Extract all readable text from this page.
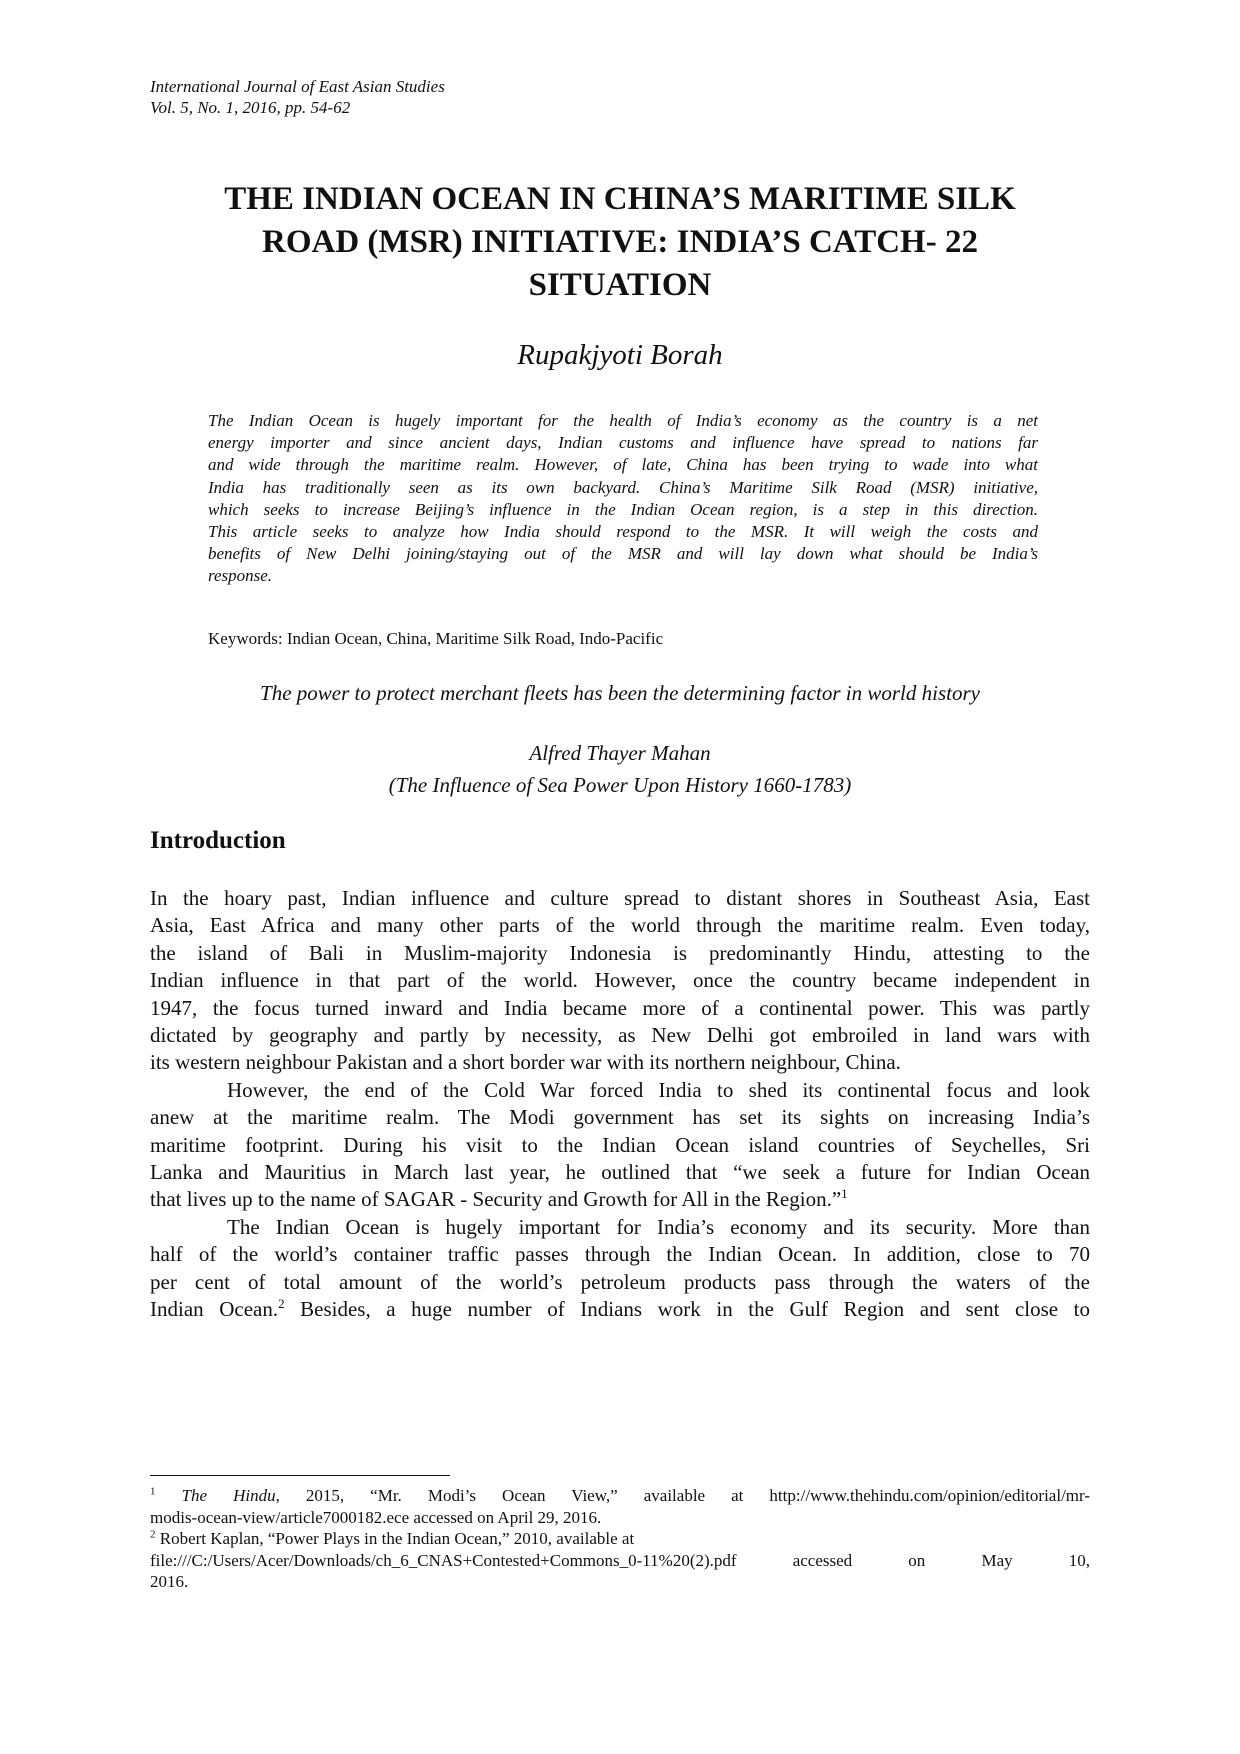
International Journal of East Asian Studies
Vol. 5, No. 1, 2016, pp. 54-62
THE INDIAN OCEAN IN CHINA’S MARITIME SILK
ROAD (MSR) INITIATIVE: INDIA’S CATCH- 22
SITUATION
Rupakjyoti Borah
The Indian Ocean is hugely important for the health of India’s economy as the country is a net
energy importer and since ancient days, Indian customs and influence have spread to nations far
and wide through the maritime realm. However, of late, China has been trying to wade into what
India has traditionally seen as its own backyard. China’s Maritime Silk Road (MSR) initiative,
which seeks to increase Beijing’s influence in the Indian Ocean region, is a step in this direction.
This article seeks to analyze how India should respond to the MSR. It will weigh the costs and
benefits of New Delhi joining/staying out of the MSR and will lay down what should be India’s
response.
Keywords: Indian Ocean, China, Maritime Silk Road, Indo-Pacific
The power to protect merchant fleets has been the determining factor in world history
Alfred Thayer Mahan
(The Influence of Sea Power Upon History 1660-1783)
Introduction
In the hoary past, Indian influence and culture spread to distant shores in Southeast Asia, East
Asia, East Africa and many other parts of the world through the maritime realm. Even today,
the island of Bali in Muslim-majority Indonesia is predominantly Hindu, attesting to the
Indian influence in that part of the world. However, once the country became independent in
1947, the focus turned inward and India became more of a continental power. This was partly
dictated by geography and partly by necessity, as New Delhi got embroiled in land wars with
its western neighbour Pakistan and a short border war with its northern neighbour, China.
However, the end of the Cold War forced India to shed its continental focus and look
anew at the maritime realm. The Modi government has set its sights on increasing India’s
maritime footprint. During his visit to the Indian Ocean island countries of Seychelles, Sri
Lanka and Mauritius in March last year, he outlined that “we seek a future for Indian Ocean
that lives up to the name of SAGAR - Security and Growth for All in the Region.”$^1$
The Indian Ocean is hugely important for India’s economy and its security. More than
half of the world’s container traffic passes through the Indian Ocean. In addition, close to 70
per cent of total amount of the world’s petroleum products pass through the waters of the
Indian Ocean.$^2$ Besides, a huge number of Indians work in the Gulf Region and sent close to
$^1$ The Hindu, 2015, “Mr. Modi’s Ocean View,” available at http://www.thehindu.com/opinion/editorial/mr-
modis-ocean-view/article7000182.ece accessed on April 29, 2016.
$^2$ Robert Kaplan, “Power Plays in the Indian Ocean,” 2010, available at
file:///C:/Users/Acer/Downloads/ch_6_CNAS+Contested+Commons_0-11%20(2).pdf accessed on May 10,
2016.
